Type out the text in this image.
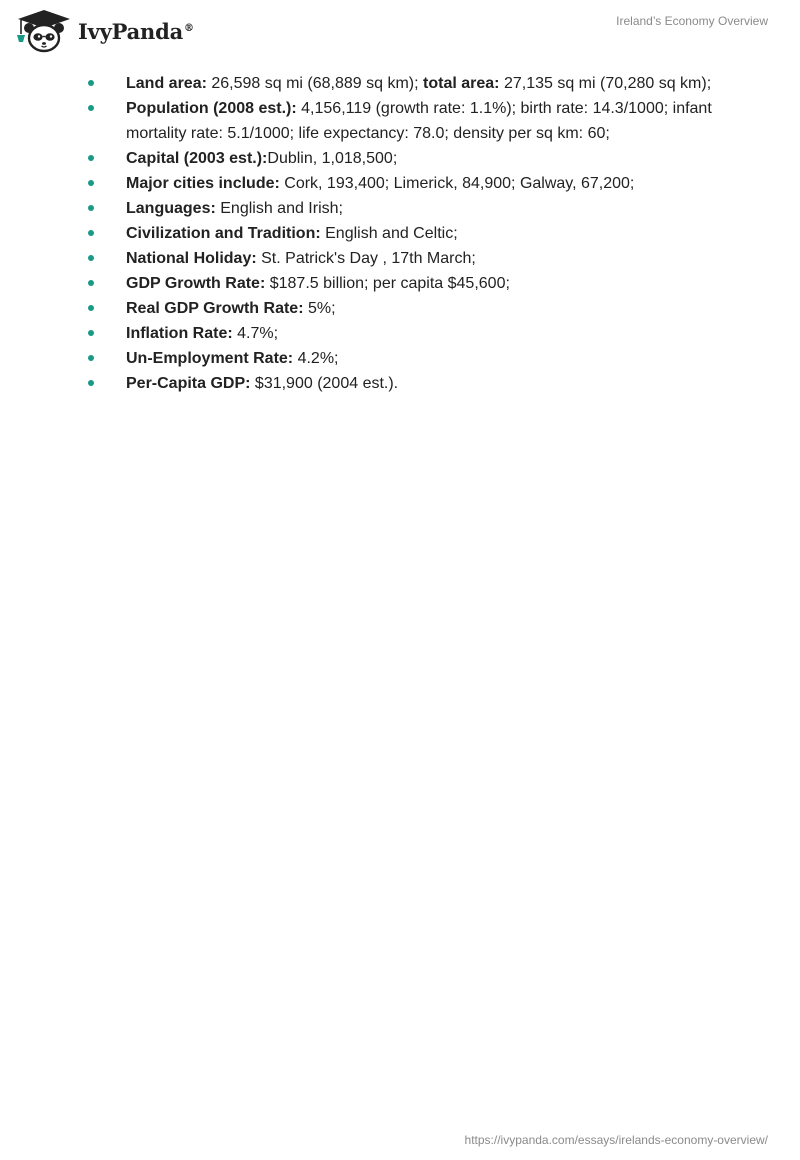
IvyPanda®	Ireland’s Economy Overview
Land area: 26,598 sq mi (68,889 sq km); total area: 27,135 sq mi (70,280 sq km);
Population (2008 est.): 4,156,119 (growth rate: 1.1%); birth rate: 14.3/1000; infant mortality rate: 5.1/1000; life expectancy: 78.0; density per sq km: 60;
Capital (2003 est.):Dublin, 1,018,500;
Major cities include: Cork, 193,400; Limerick, 84,900; Galway, 67,200;
Languages: English and Irish;
Civilization and Tradition: English and Celtic;
National Holiday: St. Patrick's Day , 17th March;
GDP Growth Rate: $187.5 billion; per capita $45,600;
Real GDP Growth Rate: 5%;
Inflation Rate: 4.7%;
Un-Employment Rate: 4.2%;
Per-Capita GDP: $31,900 (2004 est.).
https://ivypanda.com/essays/irelands-economy-overview/
